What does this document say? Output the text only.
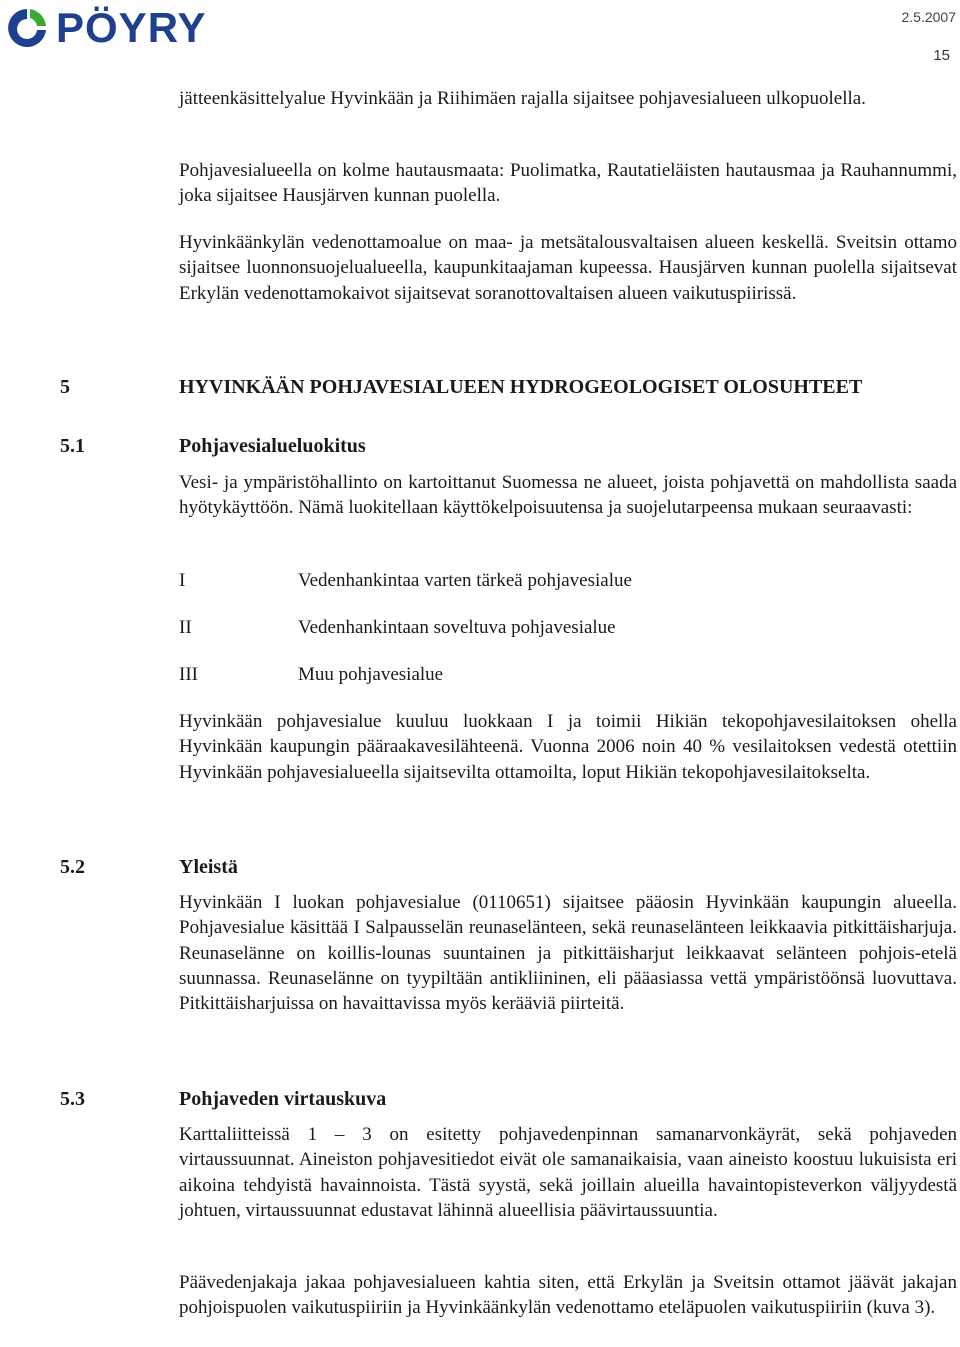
PÖYRY	2.5.2007
15

jätteenkäsittelyalue Hyvinkään ja Riihimäen rajalla sijaitsee pohjavesialueen ulkopuolella.

Pohjavesialueella on kolme hautausmaata: Puolimatka, Rautatieläisten hautausmaa ja Rauhannummi, joka sijaitsee Hausjärven kunnan puolella.

Hyvinkäänkylän vedenottamoalue on maa- ja metsätalousvaltaisen alueen keskellä. Sveitsin ottamo sijaitsee luonnonsuojelualueella, kaupunkitaajaman kupeessa. Hausjärven kunnan puolella sijaitsevat Erkylän vedenottamokaivot sijaitsevat soranottovaltaisen alueen vaikutuspiirissä.

5	HYVINKÄÄN POHJAVESIALUEEN HYDROGEOLOGISET OLOSUHTEET
5.1	Pohjavesialueluokitus

Vesi- ja ympäristöhallinto on kartoittanut Suomessa ne alueet, joista pohjavettä on mahdollista saada hyötykäyttöön. Nämä luokitellaan käyttökelpoisuutensa ja suojelutarpeensa mukaan seuraavasti:

I	Vedenhankintaa varten tärkeä pohjavesialue
II	Vedenhankintaan soveltuva pohjavesialue
III	Muu pohjavesialue

Hyvinkään pohjavesialue kuuluu luokkaan I ja toimii Hikiän tekopohjavesilaitoksen ohella Hyvinkään kaupungin pääraakavesilähteenä. Vuonna 2006 noin 40 % vesilaitoksen vedestä otettiin Hyvinkään pohjavesialueella sijaitsevilta ottamoilta, loput Hikiän tekopohjavesilaitokselta.

5.2	Yleistä

Hyvinkään I luokan pohjavesialue (0110651) sijaitsee pääosin Hyvinkään kaupungin alueella. Pohjavesialue käsittää I Salpausselän reunaselänteen, sekä reunaselänteen leikkaavia pitkittäisharjuja. Reunaselänne on koillis-lounas suuntainen ja pitkittäisharjut leikkaavat selänteen pohjois-etelä suunnassa. Reunaselänne on tyypiltään antikliininen, eli pääasiassa vettä ympäristöönsä luovuttava. Pitkittäisharjuissa on havaittavissa myös kerääviä piirteitä.

5.3	Pohjaveden virtauskuva

Karttaliitteissä 1 – 3 on esitetty pohjavedenpinnan samanarvonkäyrät, sekä pohjaveden virtaussuunnat. Aineiston pohjavesitiedot eivät ole samanaikaisia, vaan aineisto koostuu lukuisista eri aikoina tehdyistä havainnoista. Tästä syystä, sekä joillain alueilla havaintopisteverkon väljyydestä johtuen, virtaussuunnat edustavat lähinnä alueellisia päävirtaussuuntia.

Päävedenjakaja jakaa pohjavesialueen kahtia siten, että Erkylän ja Sveitsin ottamot jäävät jakajan pohjoispuolen vaikutuspiiriin ja Hyvinkäänkylän vedenottamo eteläpuolen vaikutuspiiriin (kuva 3).
